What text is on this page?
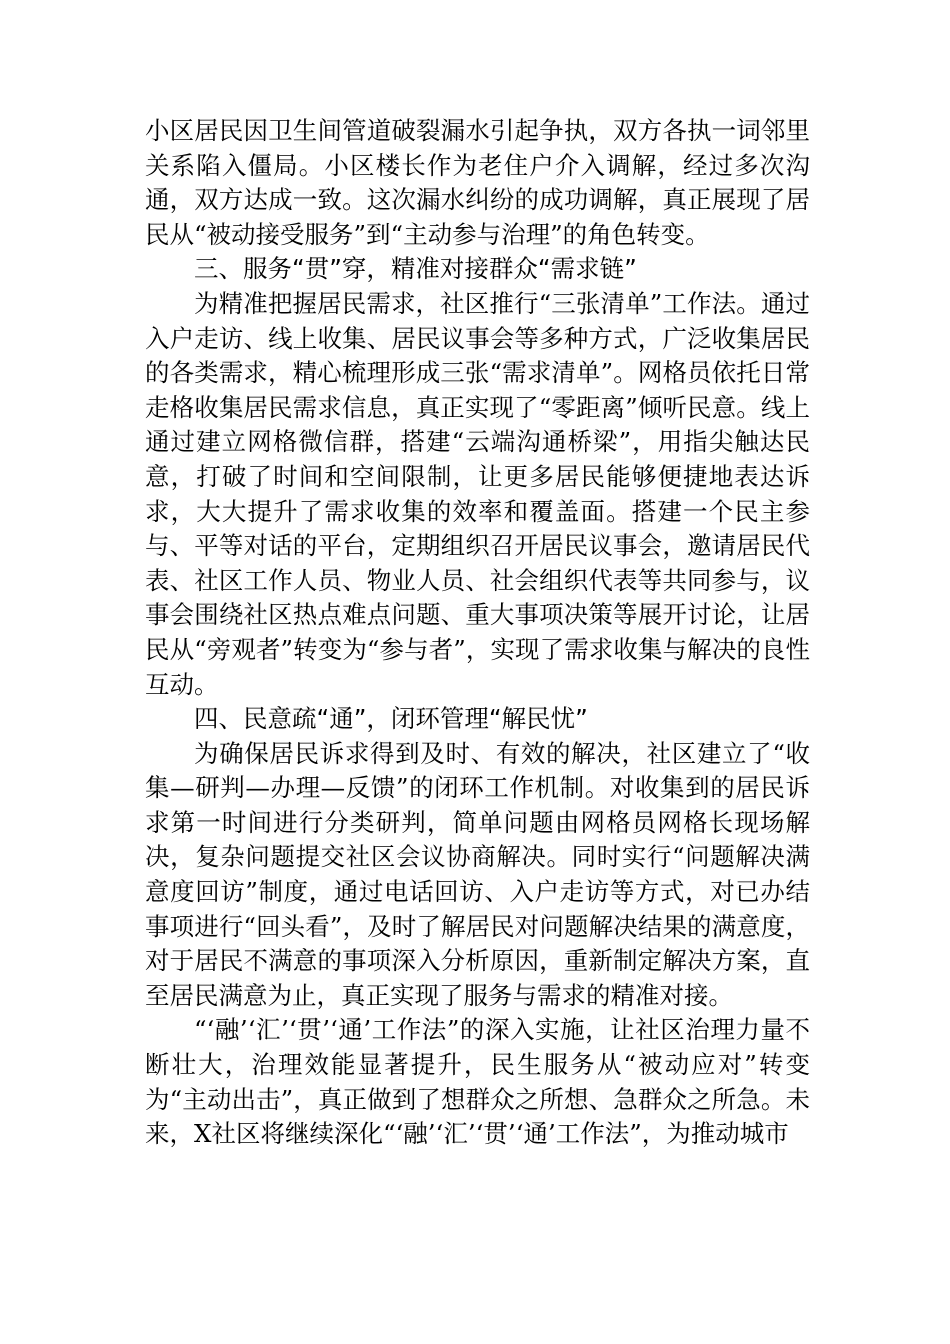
小区居民因卫生间管道破裂漏水引起争执，双方各执一词邻里关系陷入僵局。小区楼长作为老住户介入调解，经过多次沟通，双方达成一致。这次漏水纠纷的成功调解，真正展现了居民从“被动接受服务”到“主动参与治理”的角色转变。

三、服务“贯”穿，精准对接群众“需求链”

为精准把握居民需求，社区推行“三张清单”工作法。通过入户走访、线上收集、居民议事会等多种方式，广泛收集居民的各类需求，精心梳理形成三张“需求清单”。网格员依托日常走格收集居民需求信息，真正实现了“零距离”倾听民意。线上通过建立网格微信群，搭建“云端沟通桥梁”，用指尖触达民意，打破了时间和空间限制，让更多居民能够便捷地表达诉求，大大提升了需求收集的效率和覆盖面。搭建一个民主参与、平等对话的平台，定期组织召开居民议事会，邀请居民代表、社区工作人员、物业人员、社会组织代表等共同参与，议事会围绕社区热点难点问题、重大事项决策等展开讨论，让居民从“旁观者”转变为“参与者”，实现了需求收集与解决的良性互动。

四、民意疏“通”，闭环管理“解民忧”

为确保居民诉求得到及时、有效的解决，社区建立了“收集—研判—办理—反馈”的闭环工作机制。对收集到的居民诉求第一时间进行分类研判，简单问题由网格员网格长现场解决，复杂问题提交社区会议协商解决。同时实行“问题解决满意度回访”制度，通过电话回访、入户走访等方式，对已办结事项进行“回头看”，及时了解居民对问题解决结果的满意度，对于居民不满意的事项深入分析原因，重新制定解决方案，直至居民满意为止，真正实现了服务与需求的精准对接。

“‘融’‘汇’‘贯’‘通’工作法”的深入实施，让社区治理力量不断壮大，治理效能显著提升，民生服务从“被动应对”转变为“主动出击”，真正做到了想群众之所想、急群众之所急。未来，X社区将继续深化“‘融’‘汇’‘贯’‘通’工作法”，为推动城市
